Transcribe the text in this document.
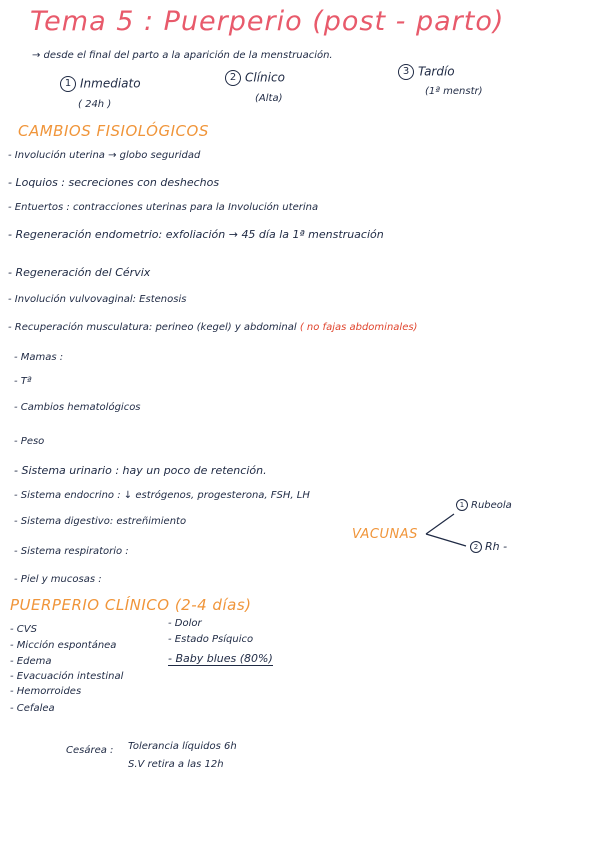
Tema 5 : Puerperio (post - parto)
→ desde el final del parto a la aparición de la menstruación.
1 Inmediato
( 24h )
2 Clínico
(Alta)
3 Tardío
(1ª menstr)
CAMBIOS FISIOLÓGICOS
- Involución uterina → globo seguridad
- Loquios : secreciones con deshechos
- Entuertos : contracciones uterinas para la Involución uterina
- Regeneración endometrio: exfoliación → 45 día la 1ª menstruación
- Regeneración del Cérvix
- Involución vulvovaginal: Estenosis
- Recuperación musculatura: perineo (kegel) y abdominal ( no fajas abdominales)
- Mamas :
- Tª
- Cambios hematológicos
- Peso
- Sistema urinario : hay un poco de retención.
- Sistema endocrino : ↓ estrógenos, progesterona, FSH, LH
- Sistema digestivo: estreñimiento
- Sistema respiratorio :
- Piel y mucosas :
VACUNAS
1 Rubeola
2 Rh -
PUERPERIO CLÍNICO (2-4 días)
- CVS
- Micción espontánea
- Edema
- Evacuación intestinal
- Hemorroides
- Cefalea
- Dolor
- Estado Psíquico
- Baby blues (80%)
Cesárea : Tolerancia líquidos 6h
S.V retira a las 12h
